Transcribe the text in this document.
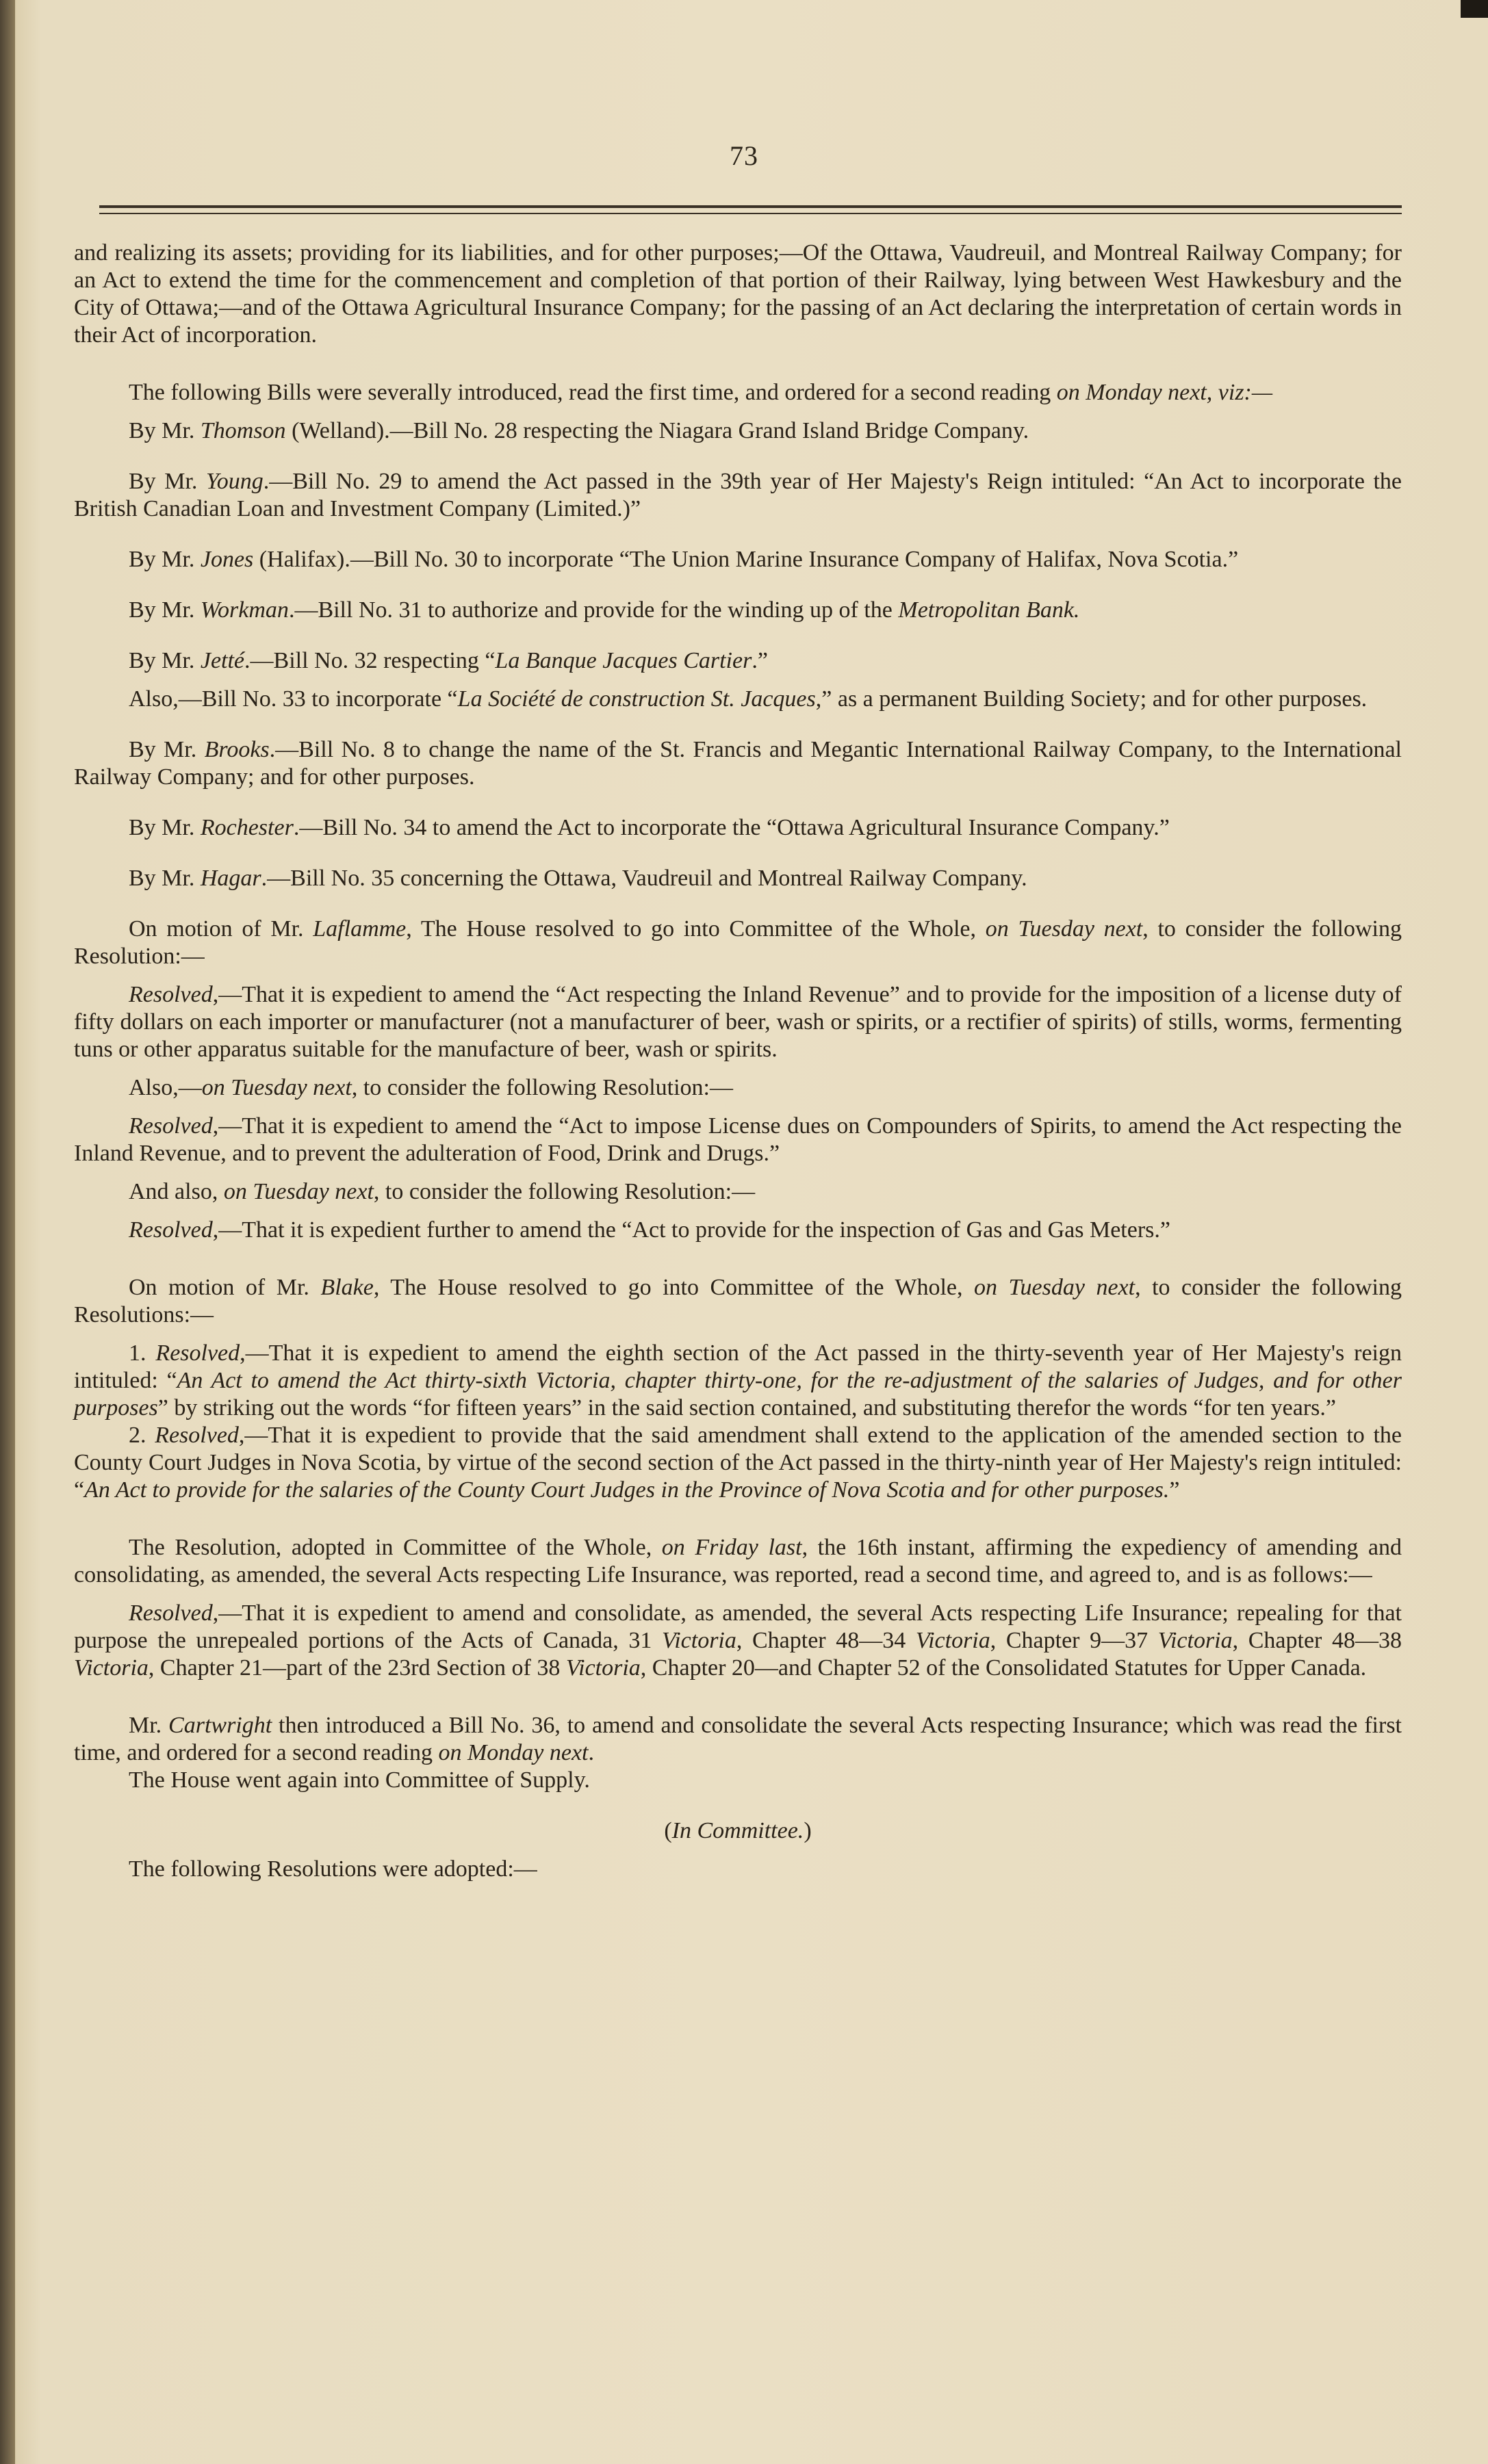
73

and realizing its assets; providing for its liabilities, and for other purposes;—Of the Ottawa, Vaudreuil, and Montreal Railway Company; for an Act to extend the time for the commencement and completion of that portion of their Railway, lying between West Hawkesbury and the City of Ottawa;—and of the Ottawa Agricultural Insurance Company; for the passing of an Act declaring the interpretation of certain words in their Act of incorporation.

The following Bills were severally introduced, read the first time, and ordered for a second reading on Monday next, viz:—

By Mr. Thomson (Welland).—Bill No. 28 respecting the Niagara Grand Island Bridge Company.

By Mr. Young.—Bill No. 29 to amend the Act passed in the 39th year of Her Majesty's Reign intituled: “An Act to incorporate the British Canadian Loan and Investment Company (Limited.)”

By Mr. Jones (Halifax).—Bill No. 30 to incorporate “The Union Marine Insurance Company of Halifax, Nova Scotia.”

By Mr. Workman.—Bill No. 31 to authorize and provide for the winding up of the Metropolitan Bank.

By Mr. Jetté.—Bill No. 32 respecting “La Banque Jacques Cartier.”

Also,—Bill No. 33 to incorporate “La Société de construction St. Jacques,” as a permanent Building Society; and for other purposes.

By Mr. Brooks.—Bill No. 8 to change the name of the St. Francis and Megantic International Railway Company, to the International Railway Company; and for other purposes.

By Mr. Rochester.—Bill No. 34 to amend the Act to incorporate the “Ottawa Agricultural Insurance Company.”

By Mr. Hagar.—Bill No. 35 concerning the Ottawa, Vaudreuil and Montreal Railway Company.

On motion of Mr. Laflamme, The House resolved to go into Committee of the Whole, on Tuesday next, to consider the following Resolution:—

Resolved,—That it is expedient to amend the “Act respecting the Inland Revenue” and to provide for the imposition of a license duty of fifty dollars on each importer or manufacturer (not a manufacturer of beer, wash or spirits, or a rectifier of spirits) of stills, worms, fermenting tuns or other apparatus suitable for the manufacture of beer, wash or spirits.

Also,—on Tuesday next, to consider the following Resolution:—

Resolved,—That it is expedient to amend the “Act to impose License dues on Compounders of Spirits, to amend the Act respecting the Inland Revenue, and to prevent the adulteration of Food, Drink and Drugs.”

And also, on Tuesday next, to consider the following Resolution:—

Resolved,—That it is expedient further to amend the “Act to provide for the inspection of Gas and Gas Meters.”

On motion of Mr. Blake, The House resolved to go into Committee of the Whole, on Tuesday next, to consider the following Resolutions:—

1. Resolved,—That it is expedient to amend the eighth section of the Act passed in the thirty-seventh year of Her Majesty's reign intituled: “An Act to amend the Act thirty-sixth Victoria, chapter thirty-one, for the re-adjustment of the salaries of Judges, and for other purposes” by striking out the words “for fifteen years” in the said section contained, and substituting therefor the words “for ten years.”

2. Resolved,—That it is expedient to provide that the said amendment shall extend to the application of the amended section to the County Court Judges in Nova Scotia, by virtue of the second section of the Act passed in the thirty-ninth year of Her Majesty's reign intituled: “An Act to provide for the salaries of the County Court Judges in the Province of Nova Scotia and for other purposes.”

The Resolution, adopted in Committee of the Whole, on Friday last, the 16th instant, affirming the expediency of amending and consolidating, as amended, the several Acts respecting Life Insurance, was reported, read a second time, and agreed to, and is as follows:—

Resolved,—That it is expedient to amend and consolidate, as amended, the several Acts respecting Life Insurance; repealing for that purpose the unrepealed portions of the Acts of Canada, 31 Victoria, Chapter 48—34 Victoria, Chapter 9—37 Victoria, Chapter 48—38 Victoria, Chapter 21—part of the 23rd Section of 38 Victoria, Chapter 20—and Chapter 52 of the Consolidated Statutes for Upper Canada.

Mr. Cartwright then introduced a Bill No. 36, to amend and consolidate the several Acts respecting Insurance; which was read the first time, and ordered for a second reading on Monday next.

The House went again into Committee of Supply.

(In Committee.)

The following Resolutions were adopted:—
